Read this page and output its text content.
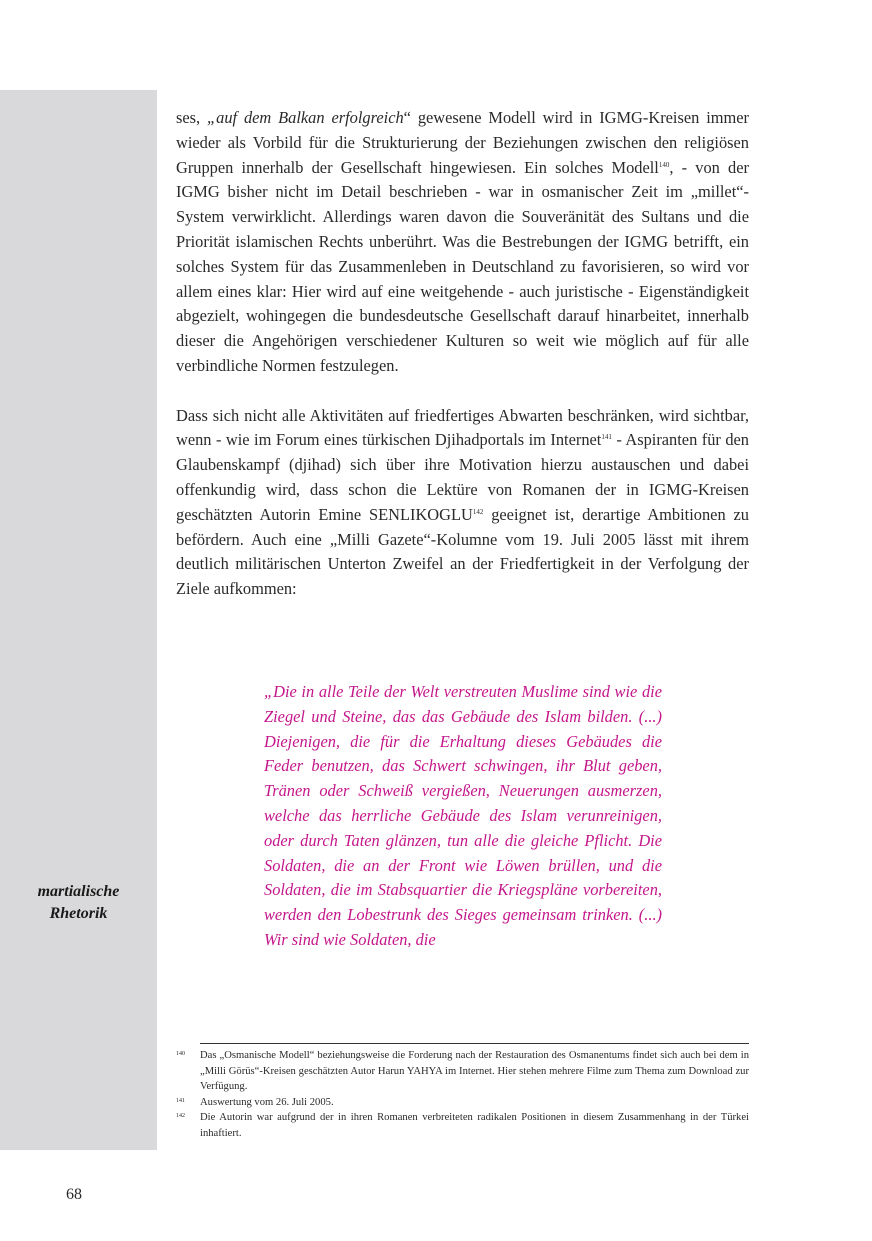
martialische
Rhetorik

ses, „auf dem Balkan erfolgreich“ gewesene Modell wird in IGMG-Kreisen immer wieder als Vorbild für die Strukturierung der Beziehungen zwischen den religiösen Gruppen innerhalb der Gesellschaft hingewiesen. Ein solches Modell$^{140}$, - von der IGMG bisher nicht im Detail beschrieben - war in osmanischer Zeit im „millet“-System verwirklicht. Allerdings waren davon die Souveränität des Sultans und die Priorität islamischen Rechts unberührt. Was die Bestrebungen der IGMG betrifft, ein solches System für das Zusammenleben in Deutschland zu favorisieren, so wird vor allem eines klar: Hier wird auf eine weitgehende - auch juristische - Eigenständigkeit abgezielt, wohingegen die bundesdeutsche Gesellschaft darauf hinarbeitet, innerhalb dieser die Angehörigen verschiedener Kulturen so weit wie möglich auf für alle verbindliche Normen festzulegen.

Dass sich nicht alle Aktivitäten auf friedfertiges Abwarten beschränken, wird sichtbar, wenn - wie im Forum eines türkischen Djihadportals im Internet$^{141}$ - Aspiranten für den Glaubenskampf (djihad) sich über ihre Motivation hierzu austauschen und dabei offenkundig wird, dass schon die Lektüre von Romanen der in IGMG-Kreisen geschätzten Autorin Emine SENLIKOGLU$^{142}$ geeignet ist, derartige Ambitionen zu befördern. Auch eine „Milli Gazete“-Kolumne vom 19. Juli 2005 lässt mit ihrem deutlich militärischen Unterton Zweifel an der Friedfertigkeit in der Verfolgung der Ziele aufkommen:

„Die in alle Teile der Welt verstreuten Muslime sind wie die Ziegel und Steine, das das Gebäude des Islam bilden. (...) Diejenigen, die für die Erhaltung dieses Gebäudes die Feder benutzen, das Schwert schwingen, ihr Blut geben, Tränen oder Schweiß vergießen, Neuerungen ausmerzen, welche das herrliche Gebäude des Islam verunreinigen, oder durch Taten glänzen, tun alle die gleiche Pflicht. Die Soldaten, die an der Front wie Löwen brüllen, und die Soldaten, die im Stabsquartier die Kriegspläne vorbereiten, werden den Lobestrunk des Sieges gemeinsam trinken. (...) Wir sind wie Soldaten, die
140	Das „Osmanische Modell“ beziehungsweise die Forderung nach der Restauration des Osmanentums findet sich auch bei dem in „Milli Görüs“-Kreisen geschätzten Autor Harun YAHYA im Internet. Hier stehen mehrere Filme zum Thema zum Download zur Verfügung.
141	Auswertung vom 26. Juli 2005.
142	Die Autorin war aufgrund der in ihren Romanen verbreiteten radikalen Positionen in diesem Zusammenhang in der Türkei inhaftiert.
68
